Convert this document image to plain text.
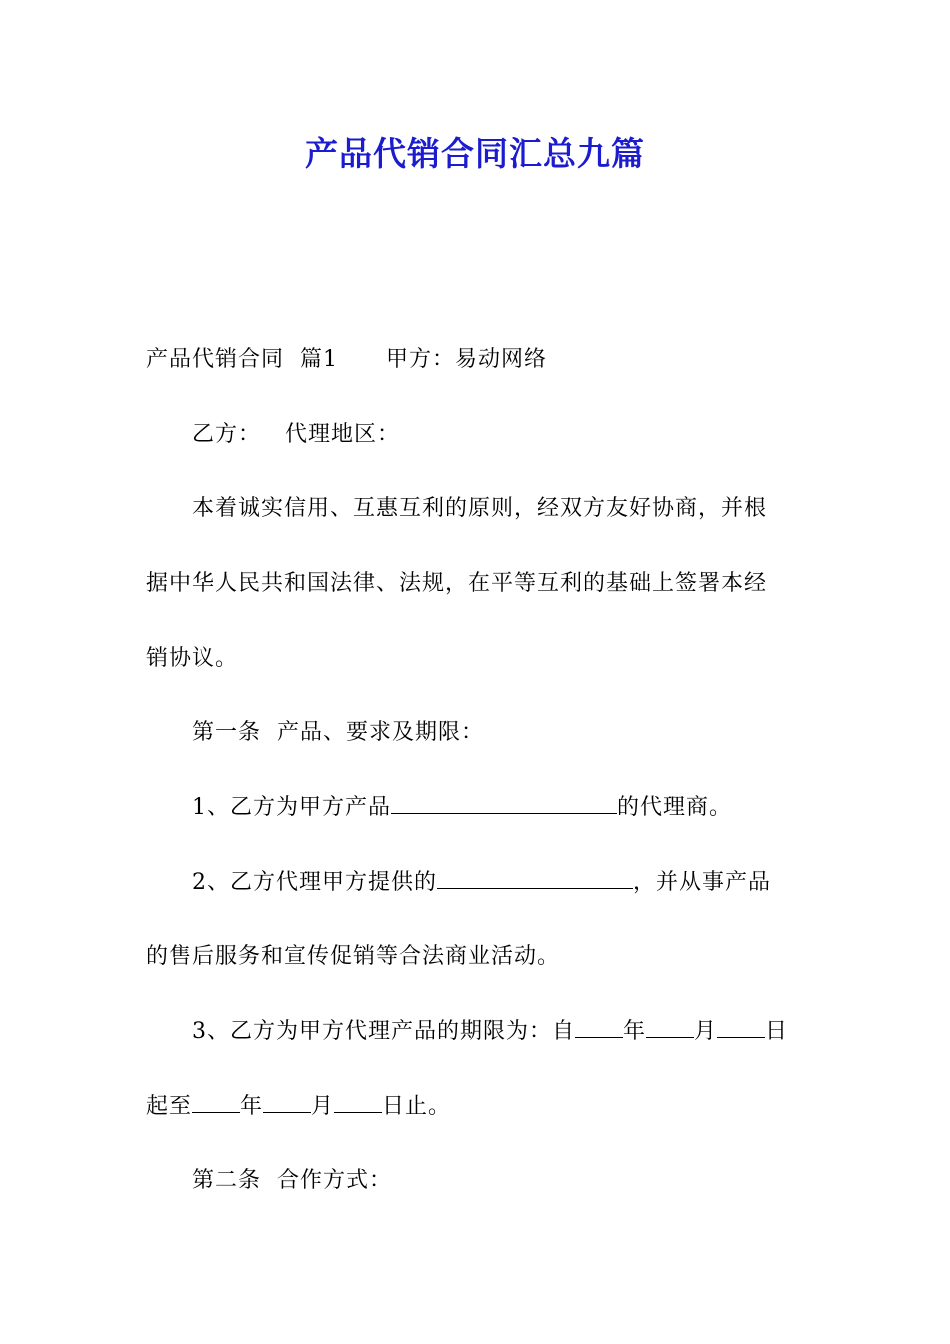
产品代销合同汇总九篇
产品代销合同  篇1 甲方：易动网络
乙方： 代理地区：
本着诚实信用、互惠互利的原则，经双方友好协商，并根
据中华人民共和国法律、法规，在平等互利的基础上签署本经
销协议。
第一条  产品、要求及期限：
1、乙方为甲方产品	的代理商。
2、乙方代理甲方提供的	，并从事产品
的售后服务和宣传促销等合法商业活动。
3、乙方为甲方代理产品的期限为：自 年 月 日
起至 年 月 日止。
第二条  合作方式：
